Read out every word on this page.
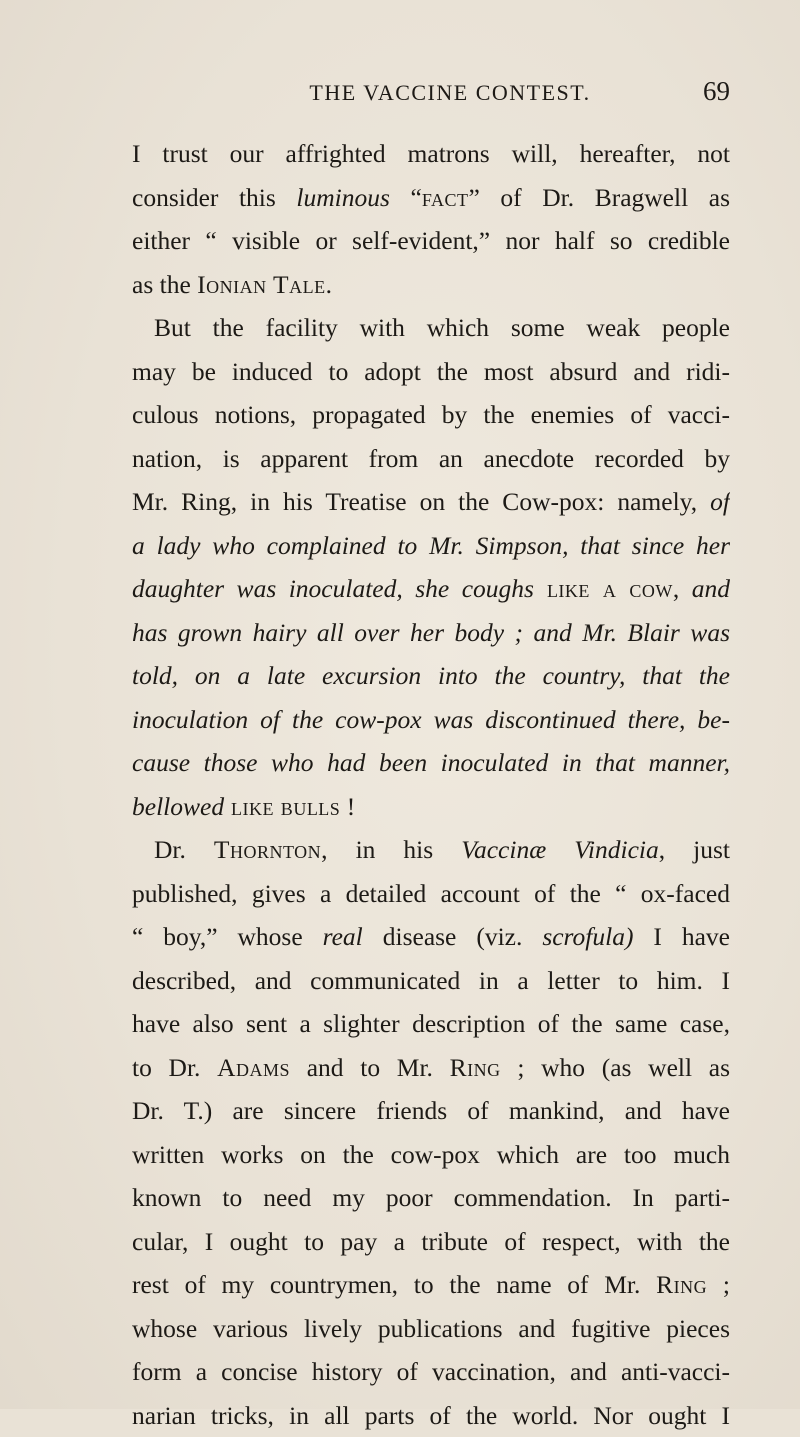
THE VACCINE CONTEST.	69
I trust our affrighted matrons will, hereafter, not
consider this luminous “fact” of Dr. Bragwell as
either “ visible or self-evident,” nor half so credible
as the Ionian Tale.
But the facility with which some weak people
may be induced to adopt the most absurd and ridi-
culous notions, propagated by the enemies of vacci-
nation, is apparent from an anecdote recorded by
Mr. Ring, in his Treatise on the Cow-pox: namely, of
a lady who complained to Mr. Simpson, that since her
daughter was inoculated, she coughs like a cow, and
has grown hairy all over her body ; and Mr. Blair was
told, on a late excursion into the country, that the
inoculation of the cow-pox was discontinued there, be-
cause those who had been inoculated in that manner,
bellowed like bulls !
Dr. Thornton, in his Vaccinæ Vindicia, just
published, gives a detailed account of the “ ox-faced
“ boy,” whose real disease (viz. scrofula) I have
described, and communicated in a letter to him. I
have also sent a slighter description of the same case,
to Dr. Adams and to Mr. Ring ; who (as well as
Dr. T.) are sincere friends of mankind, and have
written works on the cow-pox which are too much
known to need my poor commendation. In parti-
cular, I ought to pay a tribute of respect, with the
rest of my countrymen, to the name of Mr. Ring ;
whose various lively publications and fugitive pieces
form a concise history of vaccination, and anti-vacci-
narian tricks, in all parts of the world. Nor ought I
